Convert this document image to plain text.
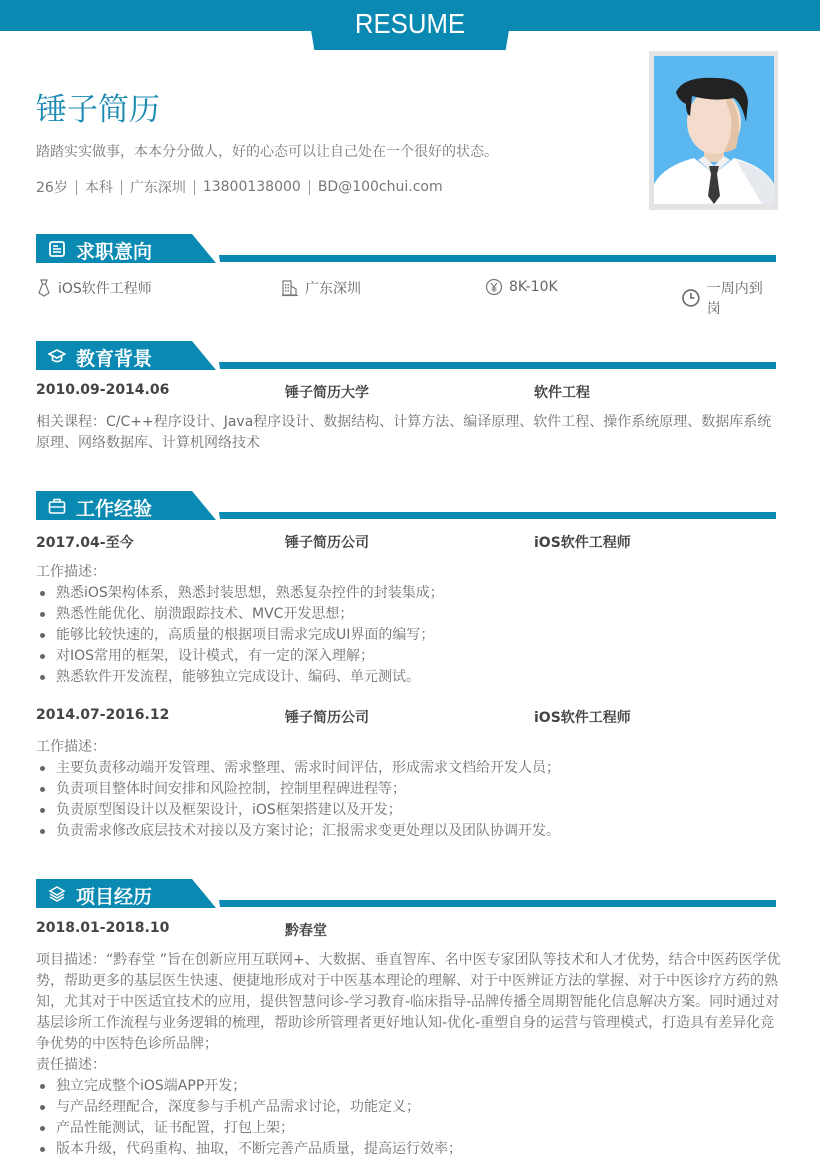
RESUME
锤子简历
踏踏实实做事，本本分分做人，好的心态可以让自己处在一个很好的状态。
26岁 本科 广东深圳 13800138000 BD@100chui.com
求职意向
iOS软件工程师	广东深圳	8K-10K	一周内到岗
教育背景
2010.09-2014.06	锤子简历大学	软件工程
相关课程：C/C++程序设计、Java程序设计、数据结构、计算方法、编译原理、软件工程、操作系统原理、数据库系统原理、网络数据库、计算机网络技术
工作经验
2017.04-至今	锤子简历公司	iOS软件工程师
工作描述：
熟悉iOS架构体系，熟悉封装思想，熟悉复杂控件的封装集成；
熟悉性能优化、崩溃跟踪技术、MVC开发思想；
能够比较快速的，高质量的根据项目需求完成UI界面的编写；
对IOS常用的框架，设计模式，有一定的深入理解；
熟悉软件开发流程，能够独立完成设计、编码、单元测试。
2014.07-2016.12	锤子简历公司	iOS软件工程师
工作描述：
主要负责移动端开发管理、需求整理、需求时间评估，形成需求文档给开发人员；
负责项目整体时间安排和风险控制，控制里程碑进程等；
负责原型图设计以及框架设计，iOS框架搭建以及开发；
负责需求修改底层技术对接以及方案讨论；汇报需求变更处理以及团队协调开发。
项目经历
2018.01-2018.10	黔春堂
项目描述：“黔春堂 ”旨在创新应用互联网+、大数据、垂直智库、名中医专家团队等技术和人才优势，结合中医药医学优势，帮助更多的基层医生快速、便捷地形成对于中医基本理论的理解、对于中医辨证方法的掌握、对于中医诊疗方药的熟知，尤其对于中医适宜技术的应用，提供智慧问诊-学习教育-临床指导-品牌传播全周期智能化信息解决方案。同时通过对基层诊所工作流程与业务逻辑的梳理，帮助诊所管理者更好地认知-优化-重塑自身的运营与管理模式，打造具有差异化竞争优势的中医特色诊所品牌；
责任描述：
独立完成整个iOS端APP开发；
与产品经理配合，深度参与手机产品需求讨论，功能定义；
产品性能测试，证书配置，打包上架；
版本升级，代码重构、抽取，不断完善产品质量，提高运行效率；
